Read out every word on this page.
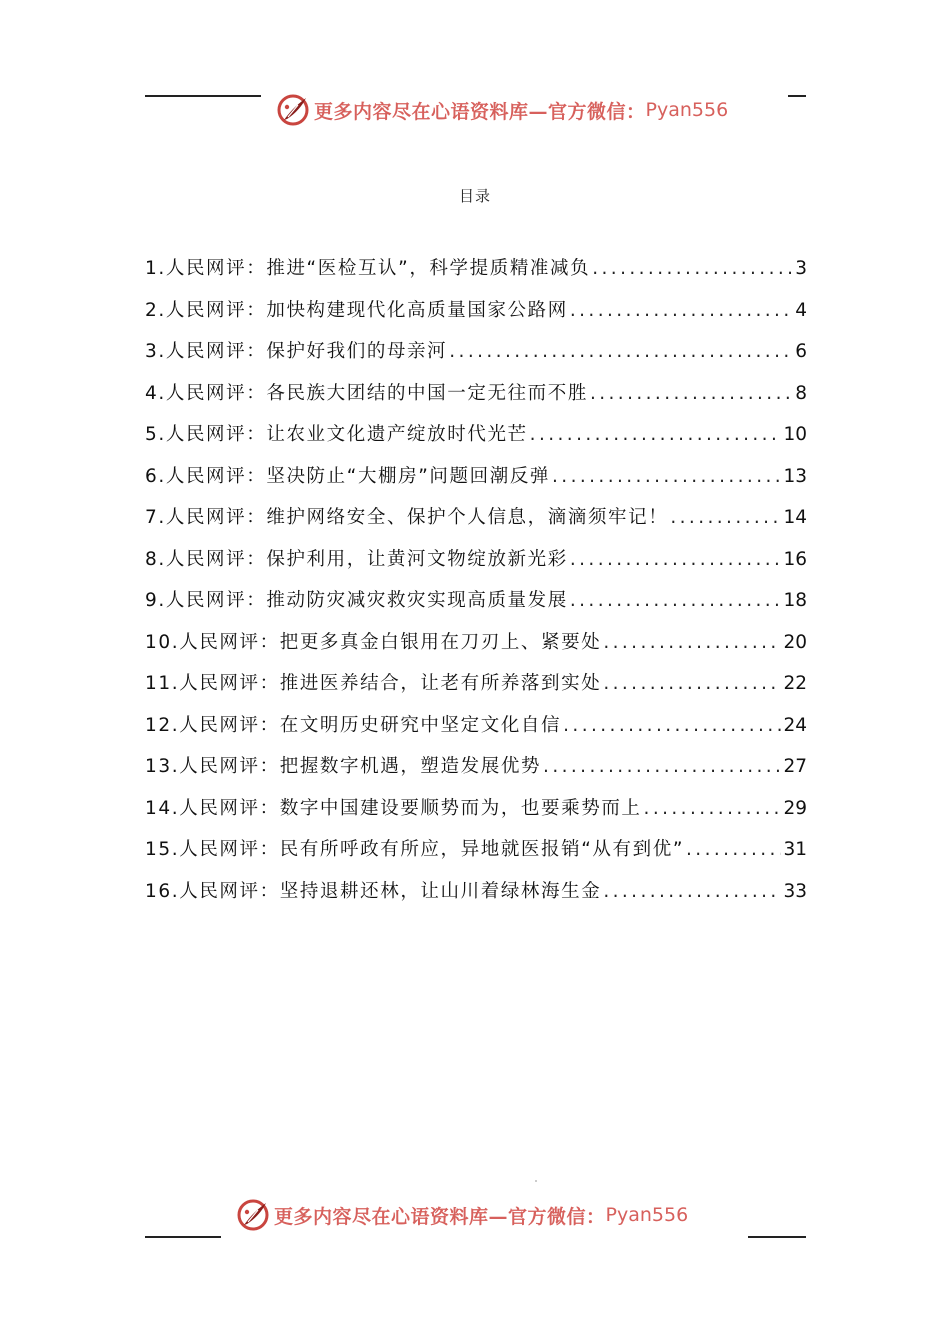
更多内容尽在心语资料库—官方微信： Pyan556
目录
1. 人民网评：推进“医检互认”，科学提质精准减负 .....	3
2. 人民网评：加快构建现代化高质量国家公路网 .....	4
3. 人民网评：保护好我们的母亲河 .....	6
4. 人民网评：各民族大团结的中国一定无往而不胜 .....	8
5. 人民网评：让农业文化遗产绽放时代光芒 .....	10
6. 人民网评：坚决防止“大棚房”问题回潮反弹 .....	13
7. 人民网评：维护网络安全、保护个人信息，滴滴须牢记！ .....	14
8. 人民网评：保护利用，让黄河文物绽放新光彩 .....	16
9. 人民网评：推动防灾减灾救灾实现高质量发展 .....	18
10. 人民网评：把更多真金白银用在刀刃上、紧要处 .....	20
11. 人民网评：推进医养结合，让老有所养落到实处 .....	22
12. 人民网评：在文明历史研究中坚定文化自信 .....	24
13. 人民网评：把握数字机遇，塑造发展优势 .....	27
14. 人民网评：数字中国建设要顺势而为，也要乘势而上 .....	29
15. 人民网评：民有所呼政有所应，异地就医报销“从有到优” .....	31
16. 人民网评：坚持退耕还林，让山川着绿林海生金 .....	33
更多内容尽在心语资料库—官方微信： Pyan556
